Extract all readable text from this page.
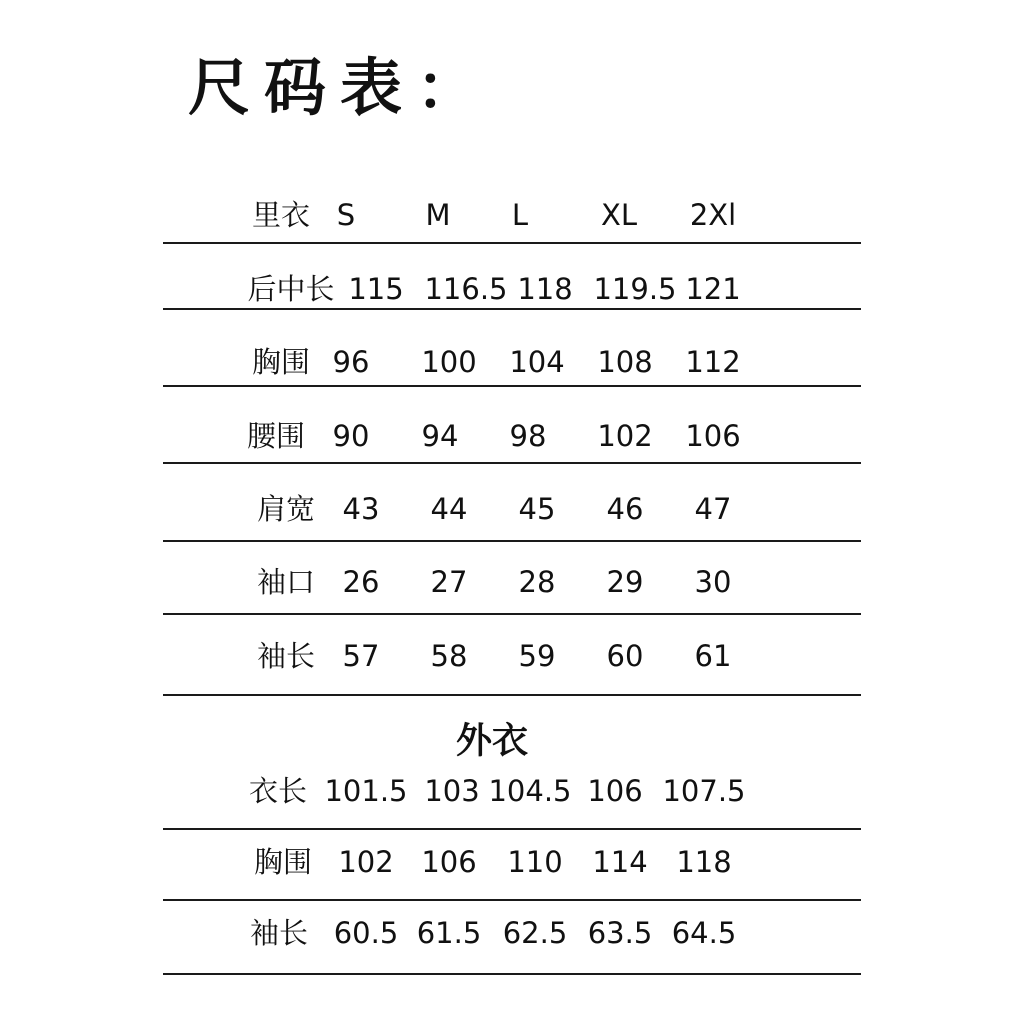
尺码表：
里衣 S M L	XL 2Xl
后中长 115 116.5 118 119.5 121
胸围 96 100 104 108 112
腰围 90 94 98 102 106
肩宽 43 44 45 46 47
袖口 26 27 28 29 30
袖长 57 58 59 60 61
衣长 101.5 103 104.5 106 107.5
胸围 102 106 110 114 118
袖长 60.5 61.5 62.5 63.5 64.5
外衣
